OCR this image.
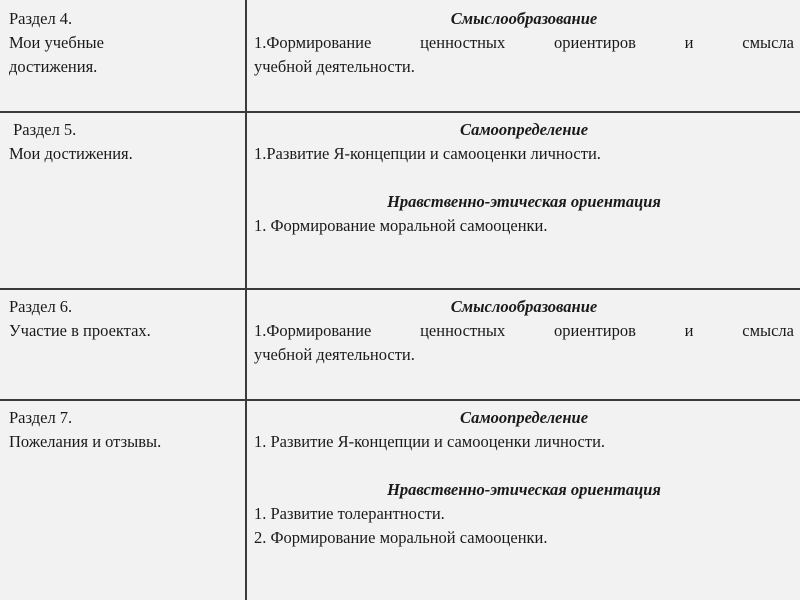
Раздел 4.
Мои учебные
достижения.
Смыслообразование
1.Формирование ценностных ориентиров и смысла
учебной деятельности.
Раздел 5.
Мои достижения.
Самоопределение
1.Развитие Я-концепции и самооценки личности.
Нравственно-этическая ориентация
1. Формирование моральной самооценки.
Раздел 6.
Участие в проектах.
Смыслообразование
1.Формирование ценностных ориентиров и смысла
учебной деятельности.
Раздел 7.
Пожелания и отзывы.
Самоопределение
1. Развитие Я-концепции и самооценки личности.
Нравственно-этическая ориентация
1. Развитие толерантности.
2. Формирование моральной самооценки.
